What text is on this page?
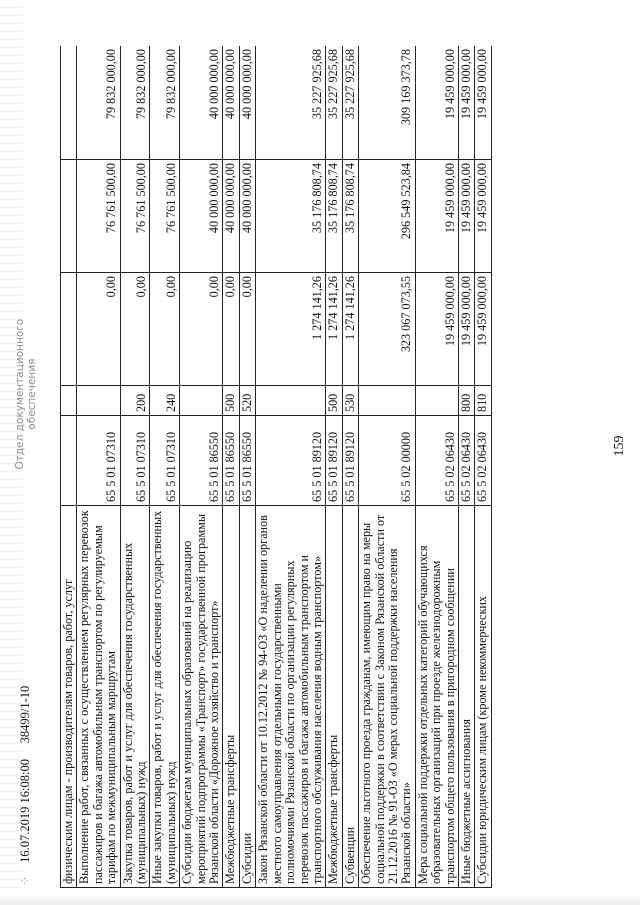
159
⁘ 16.07.2019 16:08:00     38499/1-10  Отдел документационного
обеспечения
физическим лицам - производителям товаров, работ, услуг					
Выполнение работ, связанных с осуществлением регулярных перевозок пассажиров и багажа автомобильным транспортом по регулируемым тарифам по межмуниципальным маршрутам	65 5 01 07310		0,00	76 761 500,00	79 832 000,00
Закупка товаров, работ и услуг для обеспечения государственных (муниципальных) нужд	65 5 01 07310	200	0,00	76 761 500,00	79 832 000,00
Иные закупки товаров, работ и услуг для обеспечения государственных (муниципальных) нужд	65 5 01 07310	240	0,00	76 761 500,00	79 832 000,00
Субсидии бюджетам муниципальных образований на реализацию мероприятий подпрограммы «Транспорт» государственной программы Рязанской области «Дорожное хозяйство и транспорт»	65 5 01 86550		0,00	40 000 000,00	40 000 000,00
Межбюджетные трансферты	65 5 01 86550	500	0,00	40 000 000,00	40 000 000,00
Субсидии	65 5 01 86550	520	0,00	40 000 000,00	40 000 000,00
Закон Рязанской области от 10.12.2012 № 94-ОЗ «О наделении органов местного самоуправления отдельными государственными полномочиями Рязанской области по организации регулярных перевозок пассажиров и багажа автомобильным транспортом и транспортного обслуживания населения водным транспортом»	65 5 01 89120		1 274 141,26	35 176 808,74	35 227 925,68
Межбюджетные трансферты	65 5 01 89120	500	1 274 141,26	35 176 808,74	35 227 925,68
Субвенции	65 5 01 89120	530	1 274 141,26	35 176 808,74	35 227 925,68
Обеспечение льготного проезда гражданам, имеющим право на меры социальной поддержки в соответствии с Законом Рязанской области от 21.12.2016 № 91-ОЗ «О мерах социальной поддержки населения Рязанской области»	65 5 02 00000		323 067 073,55	296 549 523,84	309 169 373,78
Мера социальной поддержки отдельных категорий обучающихся образовательных организаций при проезде железнодорожным транспортом общего пользования в пригородном сообщении	65 5 02 06430		19 459 000,00	19 459 000,00	19 459 000,00
Иные бюджетные ассигнования	65 5 02 06430	800	19 459 000,00	19 459 000,00	19 459 000,00
Субсидии юридическим лицам (кроме некоммерческих	65 5 02 06430	810	19 459 000,00	19 459 000,00	19 459 000,00
